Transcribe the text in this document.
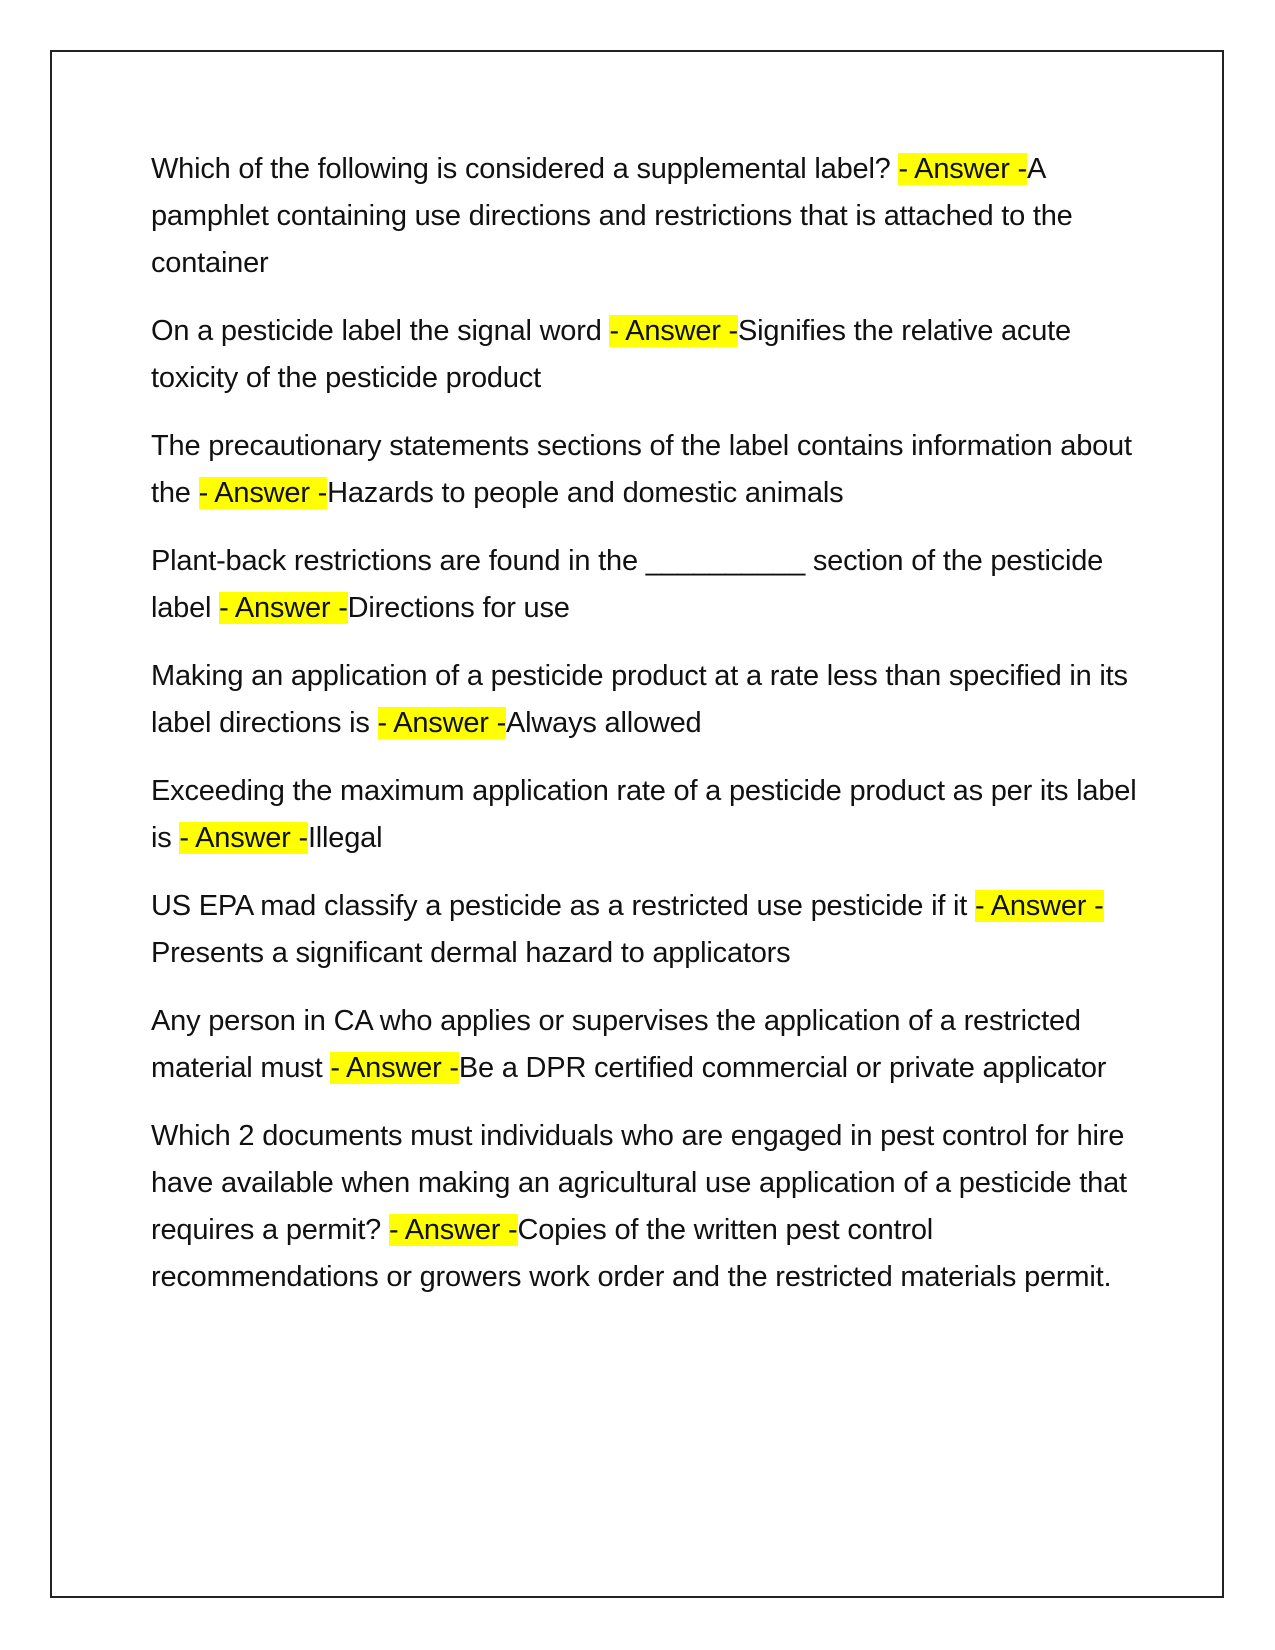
Which of the following is considered a supplemental label? - Answer -A pamphlet containing use directions and restrictions that is attached to the container

On a pesticide label the signal word - Answer -Signifies the relative acute toxicity of the pesticide product

The precautionary statements sections of the label contains information about the - Answer -Hazards to people and domestic animals

Plant-back restrictions are found in the __________ section of the pesticide label - Answer -Directions for use

Making an application of a pesticide product at a rate less than specified in its label directions is - Answer -Always allowed

Exceeding the maximum application rate of a pesticide product as per its label is - Answer -Illegal

US EPA mad classify a pesticide as a restricted use pesticide if it - Answer -Presents a significant dermal hazard to applicators

Any person in CA who applies or supervises the application of a restricted material must - Answer -Be a DPR certified commercial or private applicator

Which 2 documents must individuals who are engaged in pest control for hire have available when making an agricultural use application of a pesticide that requires a permit? - Answer -Copies of the written pest control recommendations or growers work order and the restricted materials permit.
